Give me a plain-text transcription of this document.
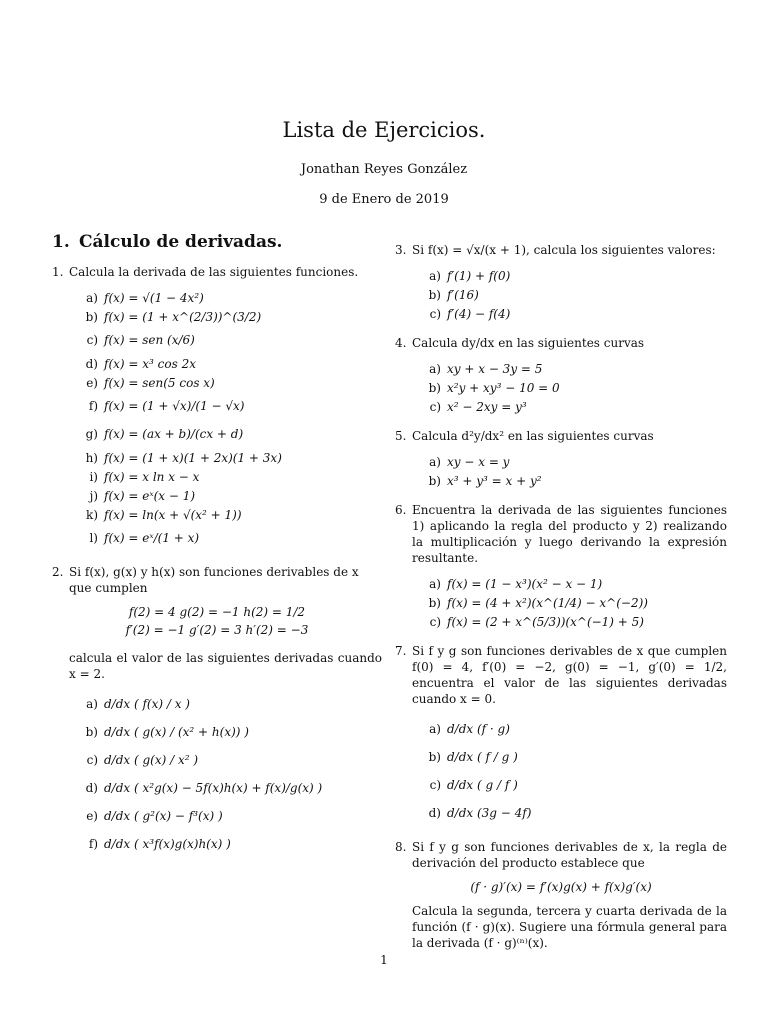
Lista de Ejercicios.
Jonathan Reyes González
9 de Enero de 2019
1. Cálculo de derivadas.
1. Calcula la derivada de las siguientes funciones.
a) f(x) = √(1 − 4x²)
b) f(x) = (1 + x^(2/3))^(3/2)
c) f(x) = sen (x/6)
d) f(x) = x³ cos 2x
e) f(x) = sen(5 cos x)
f) f(x) = (1 + √x)/(1 − √x)
g) f(x) = (ax + b)/(cx + d)
h) f(x) = (1 + x)(1 + 2x)(1 + 3x)
i) f(x) = x ln x − x
j) f(x) = eˣ(x − 1)
k) f(x) = ln(x + √(x² + 1))
l) f(x) = eˣ/(1 + x)
2. Si f(x), g(x) y h(x) son funciones derivables de x que cumplen
f(2) = 4 g(2) = −1 h(2) = 1/2
f′(2) = −1 g′(2) = 3 h′(2) = −3
calcula el valor de las siguientes derivadas cuando x = 2.
a) d/dx ( f(x) / x )
b) d/dx ( g(x) / (x² + h(x)) )
c) d/dx ( g(x) / x² )
d) d/dx ( x²g(x) − 5f(x)h(x) + f(x)/g(x) )
e) d/dx ( g²(x) − f³(x) )
f) d/dx ( x³f(x)g(x)h(x) )
3. Si f(x) = √x/(x + 1), calcula los siguientes valores:
a) f′(1) + f(0)
b) f′(16)
c) f′(4) − f(4)
4. Calcula dy/dx en las siguientes curvas
a) xy + x − 3y = 5
b) x²y + xy³ − 10 = 0
c) x² − 2xy = y³
5. Calcula d²y/dx² en las siguientes curvas
a) xy − x = y
b) x³ + y³ = x + y²
6. Encuentra la derivada de las siguientes funciones 1) aplicando la regla del producto y 2) realizando la multiplicación y luego derivando la expresión resultante.
a) f(x) = (1 − x³)(x² − x − 1)
b) f(x) = (4 + x²)(x^(1/4) − x^(−2))
c) f(x) = (2 + x^(5/3))(x^(−1) + 5)
7. Si f y g son funciones derivables de x que cumplen f(0) = 4, f′(0) = −2, g(0) = −1, g′(0) = 1/2, encuentra el valor de las siguientes derivadas cuando x = 0.
a) d/dx (f · g)
b) d/dx ( f / g )
c) d/dx ( g / f )
d) d/dx (3g − 4f)
8. Si f y g son funciones derivables de x, la regla de derivación del producto establece que
(f · g)′(x) = f′(x)g(x) + f(x)g′(x)
Calcula la segunda, tercera y cuarta derivada de la función (f · g)(x). Sugiere una fórmula general para la derivada (f · g)⁽ⁿ⁾(x).
1
